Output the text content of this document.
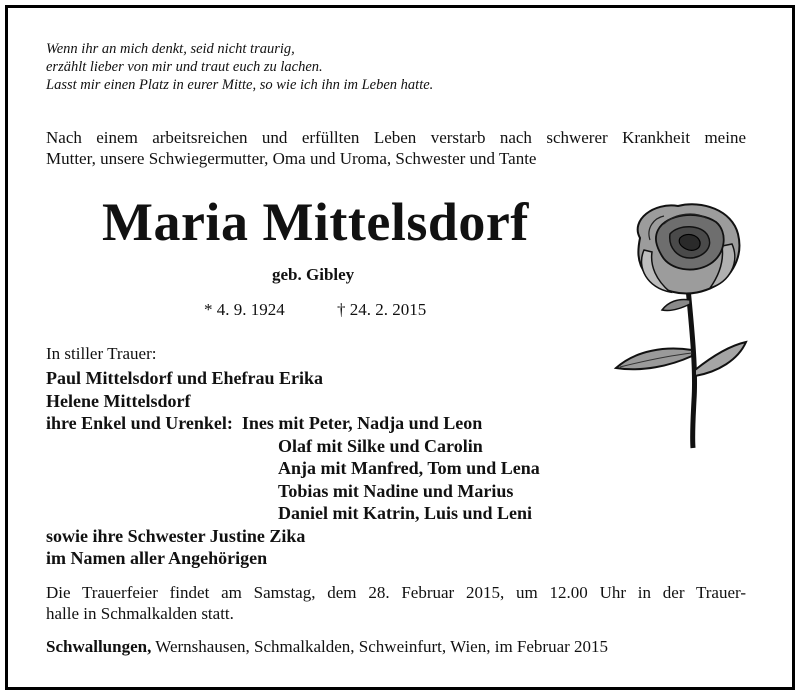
Wenn ihr an mich denkt, seid nicht traurig,
erzählt lieber von mir und traut euch zu lachen.
Lasst mir einen Platz in eurer Mitte, so wie ich ihn im Leben hatte.
Nach einem arbeitsreichen und erfüllten Leben verstarb nach schwerer Krankheit meine
Mutter, unsere Schwiegermutter, Oma und Uroma, Schwester und Tante
Maria Mittelsdorf
geb. Gibley
* 4. 9. 1924	† 24. 2. 2015
In stiller Trauer:
Paul Mittelsdorf und Ehefrau Erika
Helene Mittelsdorf
ihre Enkel und Urenkel: Ines mit Peter, Nadja und Leon
Olaf mit Silke und Carolin
Anja mit Manfred, Tom und Lena
Tobias mit Nadine und Marius
Daniel mit Katrin, Luis und Leni
sowie ihre Schwester Justine Zika
im Namen aller Angehörigen
Die Trauerfeier findet am Samstag, dem 28. Februar 2015, um 12.00 Uhr in der Trauer-
halle in Schmalkalden statt.
Schwallungen, Wernshausen, Schmalkalden, Schweinfurt, Wien, im Februar 2015
